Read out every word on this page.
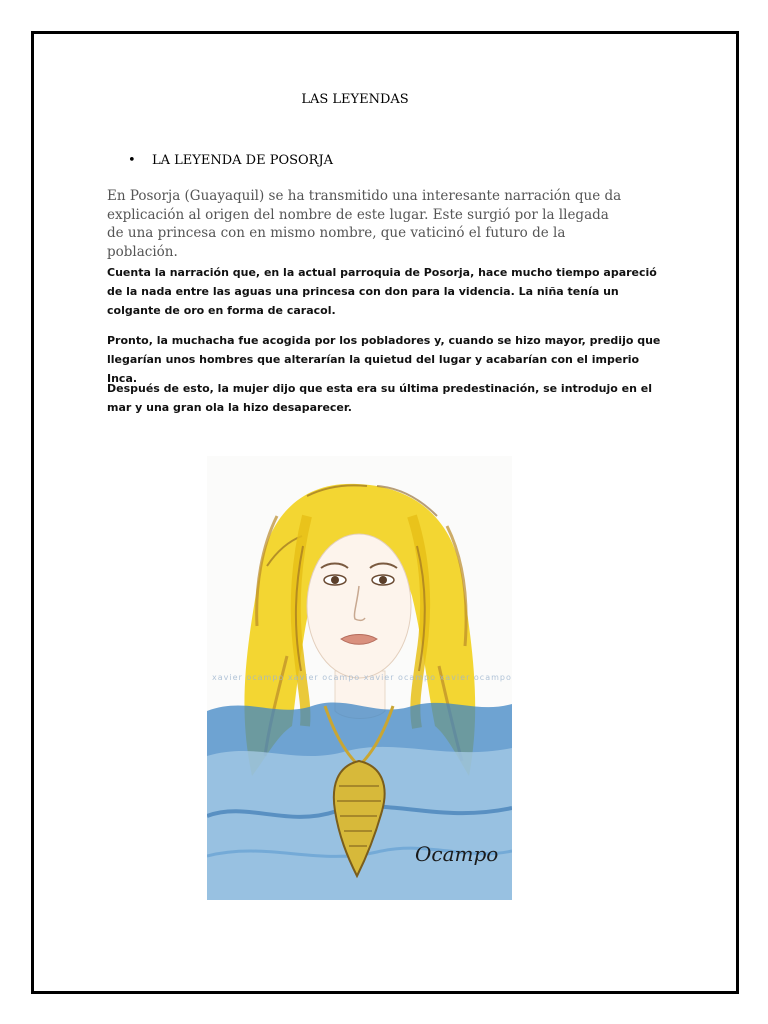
LAS LEYENDAS
• LA LEYENDA DE POSORJA
En Posorja (Guayaquil) se ha transmitido una interesante narración que da explicación al origen del nombre de este lugar. Este surgió por la llegada de una princesa con en mismo nombre, que vaticinó el futuro de la población.
Cuenta la narración que, en la actual parroquia de Posorja, hace mucho tiempo apareció de la nada entre las aguas una princesa con don para la videncia. La niña tenía un colgante de oro en forma de caracol.
Pronto, la muchacha fue acogida por los pobladores y, cuando se hizo mayor, predijo que llegarían unos hombres que alterarían la quietud del lugar y acabarían con el imperio Inca.
Después de esto, la mujer dijo que esta era su última predestinación, se introdujo en el mar y una gran ola la hizo desaparecer.
xavier ocampo xavier ocampo xavier ocampo xavier ocampo
Ocampo
